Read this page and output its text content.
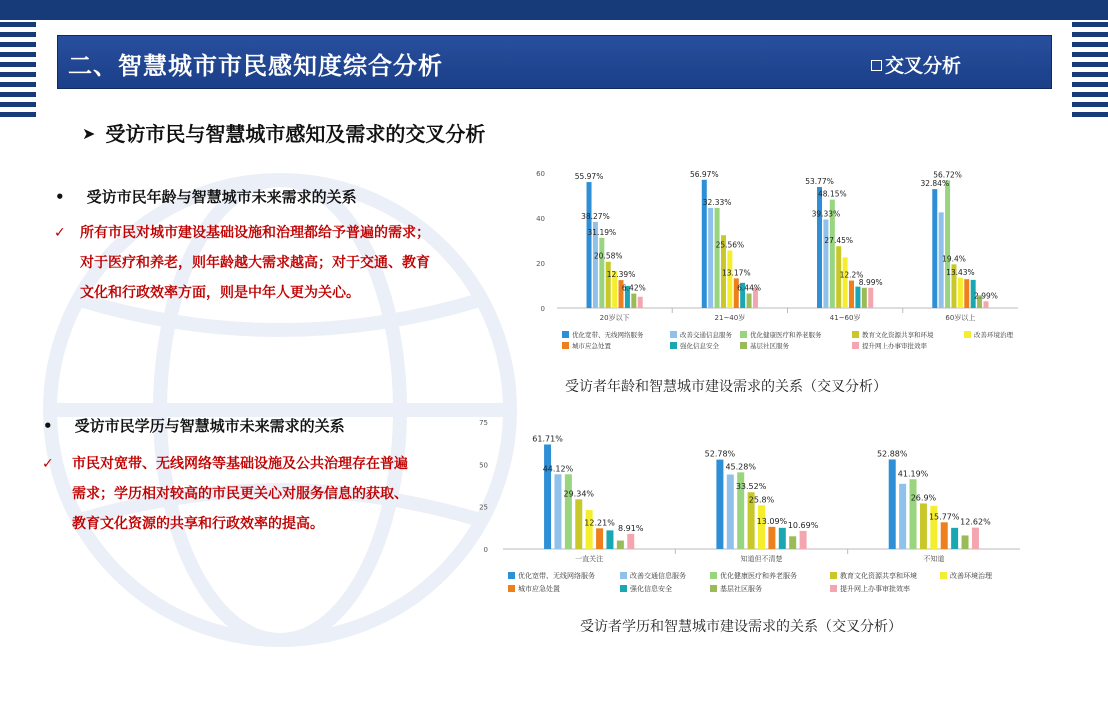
二、智慧城市市民感知度综合分析	交叉分析
➤ 受访市民与智慧城市感知及需求的交叉分析
• 受访市民年龄与智慧城市未来需求的关系
✓ 所有市民对城市建设基础设施和治理都给予普遍的需求；
对于医疗和养老，则年龄越大需求越高；对于交通、教育
文化和行政效率方面，则是中年人更为关心。
• 受访市民学历与智慧城市未来需求的关系
✓ 市民对宽带、无线网络等基础设施及公共治理存在普遍
需求；学历相对较高的市民更关心对服务信息的获取、
教育文化资源的共享和行政效率的提高。
0
20
40
60
20岁以下	21~40岁	41~60岁	60岁以上
55.97%
38.27%
31.19%
20.58%
12.39%
6.42%
56.97%
32.33%
25.56%
13.17%
6.44%
53.77%
39.33%
48.15%
27.45%
12.2%
8.99%
32.84%
56.72%
19.4%
13.43%
2.99%
优化宽带、无线网络服务	改善交通信息服务	优化健康医疗和养老服务	教育文化资源共享和环境	改善环境治理
城市应急处置	强化信息安全	基层社区服务	提升网上办事审批效率
0
25
50
75
一直关注	知道但不清楚	不知道
61.71%
44.12%
29.34%
12.21%
8.91%
52.78%
45.28%
33.52%
25.8%
13.09% 10.69%
52.88%
41.19%
26.9%
15.77%
12.62%
优化宽带、无线网络服务	改善交通信息服务	优化健康医疗和养老服务	教育文化资源共享和环境	改善环境治理
城市应急处置	强化信息安全	基层社区服务	提升网上办事审批效率
受访者年龄和智慧城市建设需求的关系（交叉分析）
受访者学历和智慧城市建设需求的关系（交叉分析）
